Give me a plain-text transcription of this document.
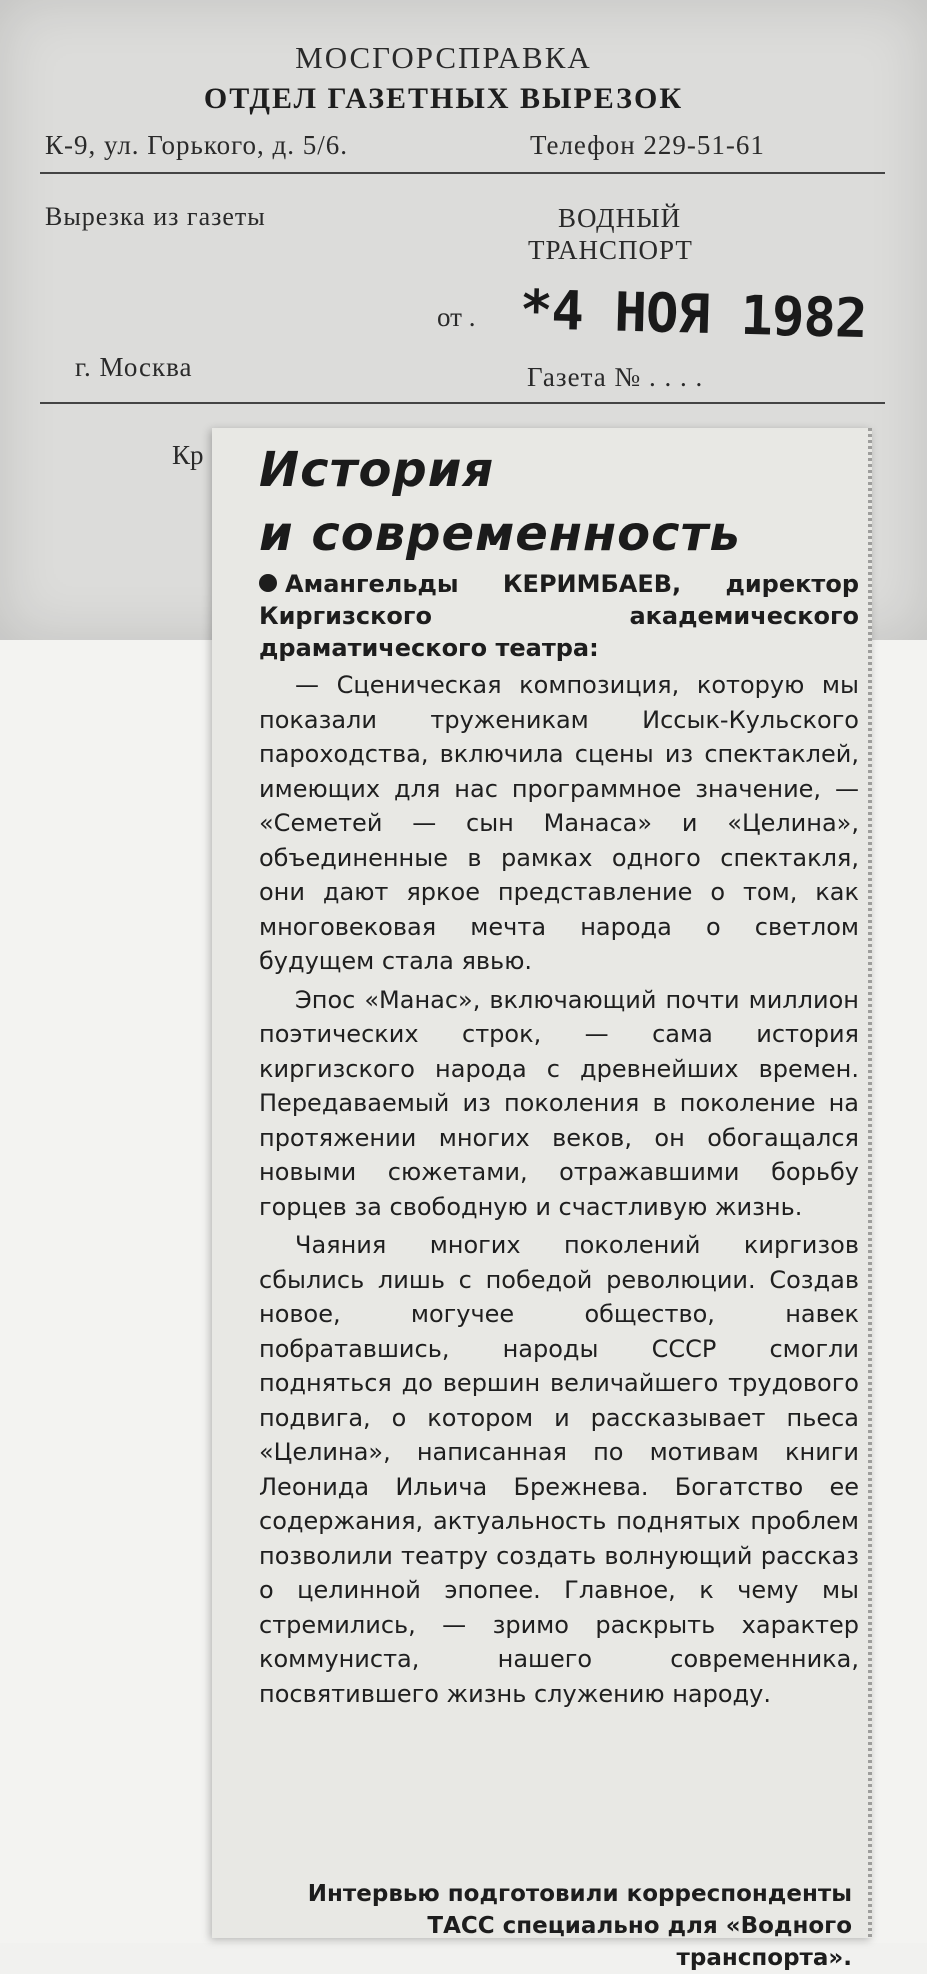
МОСГОРСПРАВКА
ОТДЕЛ ГАЗЕТНЫХ ВЫРЕЗОК
К-9, ул. Горького, д. 5/6.	Телефон 229-51-61
Вырезка из газеты	ВОДНЫЙ
ТРАНСПОРТ
от . *4 НОЯ 1982
г. Москва	Газета № . . . .
Кр История
и современность
Амангельды КЕРИМБАЕВ, директор Киргизского академического драматического театра:

— Сценическая композиция, которую мы показали труженикам Иссык-Кульского пароходства, включила сцены из спектаклей, имеющих для нас программное значение, — «Семетей — сын Манаса» и «Целина», объединенные в рамках одного спектакля, они дают яркое представление о том, как многовековая мечта народа о светлом будущем стала явью.

Эпос «Манас», включающий почти миллион поэтических строк, — сама история киргизского народа с древнейших времен. Передаваемый из поколения в поколение на протяжении многих веков, он обогащался новыми сюжетами, отражавшими борьбу горцев за свободную и счастливую жизнь.

Чаяния многих поколений киргизов сбылись лишь с победой революции. Создав новое, могучее общество, навек побратавшись, народы СССР смогли подняться до вершин величайшего трудового подвига, о котором и рассказывает пьеса «Целина», написанная по мотивам книги Леонида Ильича Брежнева. Богатство ее содержания, актуальность поднятых проблем позволили театру создать волнующий рассказ о целинной эпопее. Главное, к чему мы стремились, — зримо раскрыть характер коммуниста, нашего современника, посвятившего жизнь служению народу.

Интервью подготовили корреспонденты ТАСС специально для «Водного транспорта».
